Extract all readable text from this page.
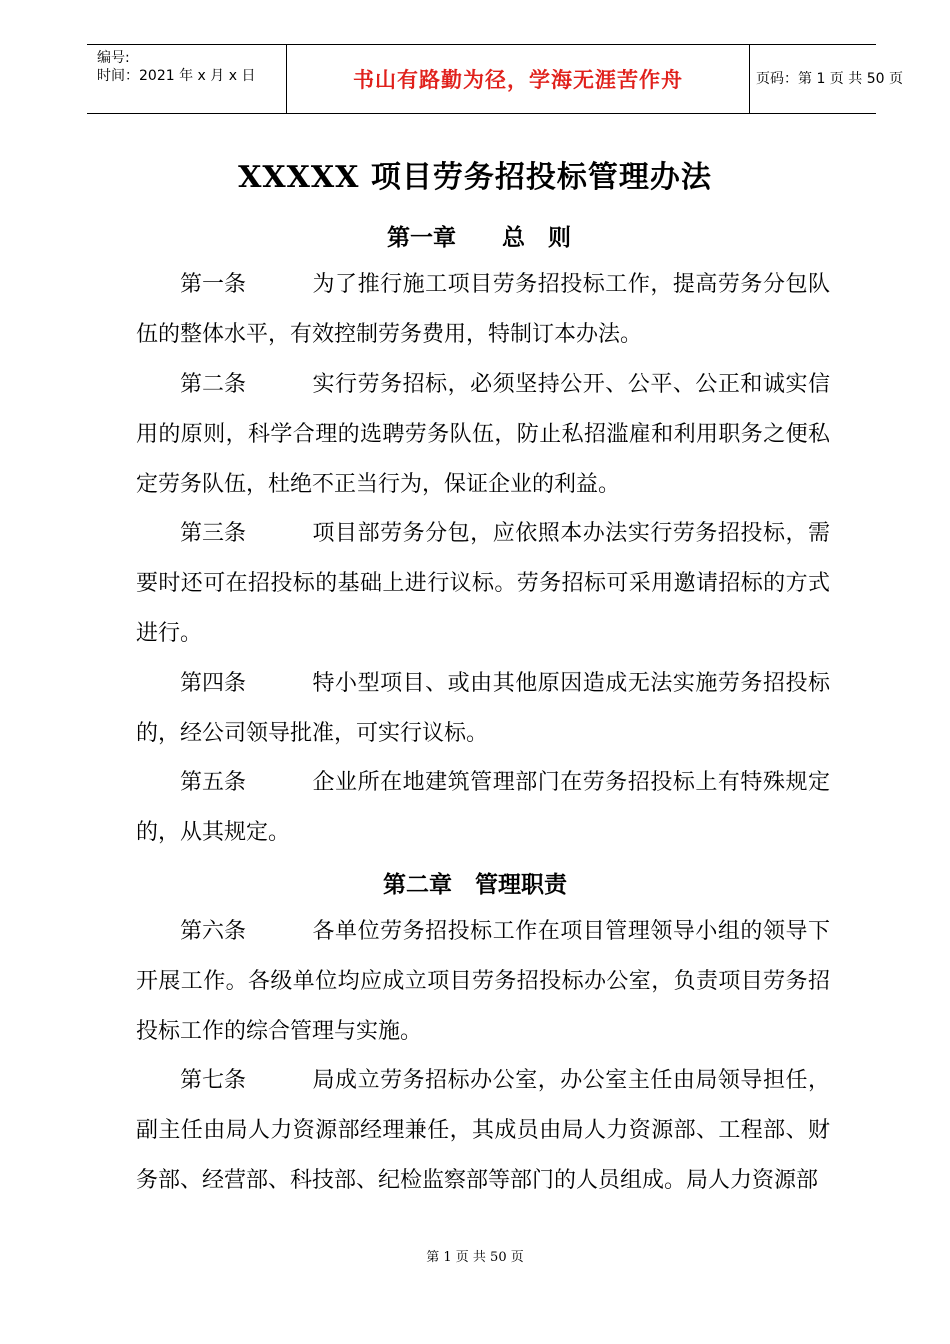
编号:
时间：2021 年 x 月 x 日	书山有路勤为径，学海无涯苦作舟	页码：第 1 页 共 50 页
XXXXX 项目劳务招投标管理办法
第一章　　总　则

第一条	为了推行施工项目劳务招投标工作，提高劳务分包队伍的整体水平，有效控制劳务费用，特制订本办法。

第二条	实行劳务招标，必须坚持公开、公平、公正和诚实信用的原则，科学合理的选聘劳务队伍，防止私招滥雇和利用职务之便私定劳务队伍，杜绝不正当行为，保证企业的利益。

第三条	项目部劳务分包，应依照本办法实行劳务招投标，需要时还可在招投标的基础上进行议标。劳务招标可采用邀请招标的方式进行。

第四条	特小型项目、或由其他原因造成无法实施劳务招投标的，经公司领导批准，可实行议标。

第五条	企业所在地建筑管理部门在劳务招投标上有特殊规定的，从其规定。

第二章　管理职责

第六条	各单位劳务招投标工作在项目管理领导小组的领导下开展工作。各级单位均应成立项目劳务招投标办公室，负责项目劳务招投标工作的综合管理与实施。

第七条	局成立劳务招标办公室，办公室主任由局领导担任，副主任由局人力资源部经理兼任，其成员由局人力资源部、工程部、财务部、经营部、科技部、纪检监察部等部门的人员组成。局人力资源部

第 1 页 共 50 页
